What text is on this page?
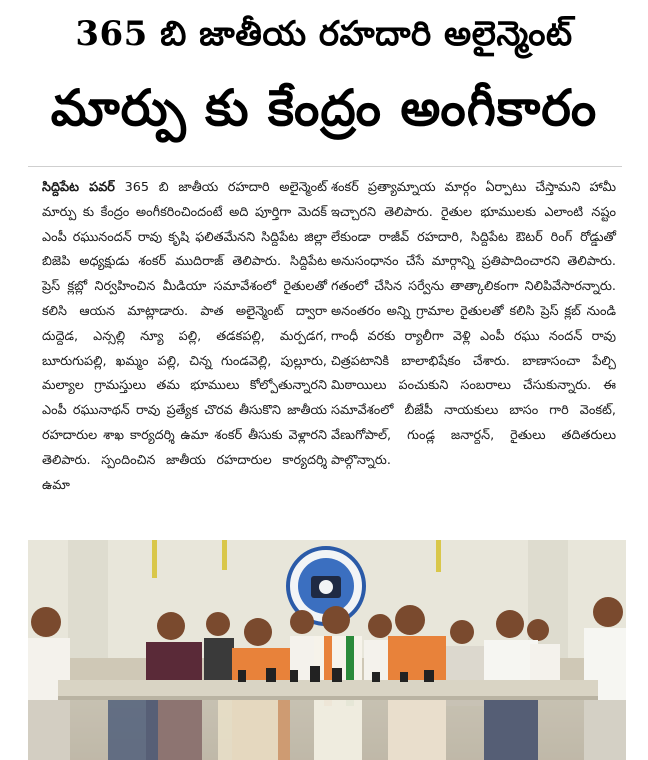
365 బి జాతీయ రహదారి అలైన్మెంట్
మార్పు కు కేంద్రం అంగీకారం
సిద్దిపేట పవర్ 365 బి జాతీయ రహదారి అలైన్మెంట్ మార్పు కు కేంద్రం అంగీకరించిందంటే అది పూర్తిగా మెదక్ ఎంపీ రఘునందన్ రావు కృషి ఫలితమేనని సిద్దిపేట జిల్లా బిజెపి అధ్యక్షుడు శంకర్ ముదిరాజ్ తెలిపారు. సిద్దిపేట ప్రెస్ క్లబ్లో నిర్వహించిన మీడియా సమావేశంలో రైతులతో కలిసి ఆయన మాట్లాడారు. పాత అలైన్మెంట్ ద్వారా దుద్దెడ, ఎన్సల్లి న్యూ పల్లి, తడకపల్లి, మర్పడగ, బూరుగుపల్లి, ఖమ్మం పల్లి, చిన్న గుండవెల్లి, పుల్లూరు, మల్యాల గ్రామస్తులు తమ భూములు కోల్పోతున్నారని ఎంపీ రఘునాథన్ రావు ప్రత్యేక చొరవ తీసుకొని జాతీయ రహదారుల శాఖ కార్యదర్శి ఉమా శంకర్ తీసుకు వెళ్లారని తెలిపారు. స్పందించిన జాతీయ రహదారుల కార్యదర్శి ఉమా
శంకర్ ప్రత్యామ్నాయ మార్గం ఏర్పాటు చేస్తామని హామీ ఇచ్చారని తెలిపారు. రైతుల భూములకు ఎలాంటి నష్టం లేకుండా రాజీవ్ రహదారి, సిద్దిపేట ఔటర్ రింగ్ రోడ్డుతో అనుసంధానం చేసే మార్గాన్ని ప్రతిపాదించారని తెలిపారు. గతంలో చేసిన సర్వేను తాత్కాలికంగా నిలిపివేసారన్నారు. అనంతరం అన్ని గ్రామాల రైతులతో కలిసి ప్రెస్ క్లబ్ నుండి గాంధీ వరకు ర్యాలీగా వెళ్లి ఎంపీ రఘు నందన్ రావు చిత్రపటానికి బాలాభిషేకం చేశారు. బాణాసంచా పేల్చి మిఠాయిలు పంచుకుని సంబరాలు చేసుకున్నారు. ఈ సమావేశంలో బీజేపీ నాయకులు బాసం గారి వెంకట్, వేణుగోపాల్, గుండ్ల జనార్దన్, రైతులు తదితరులు పాల్గొన్నారు.
